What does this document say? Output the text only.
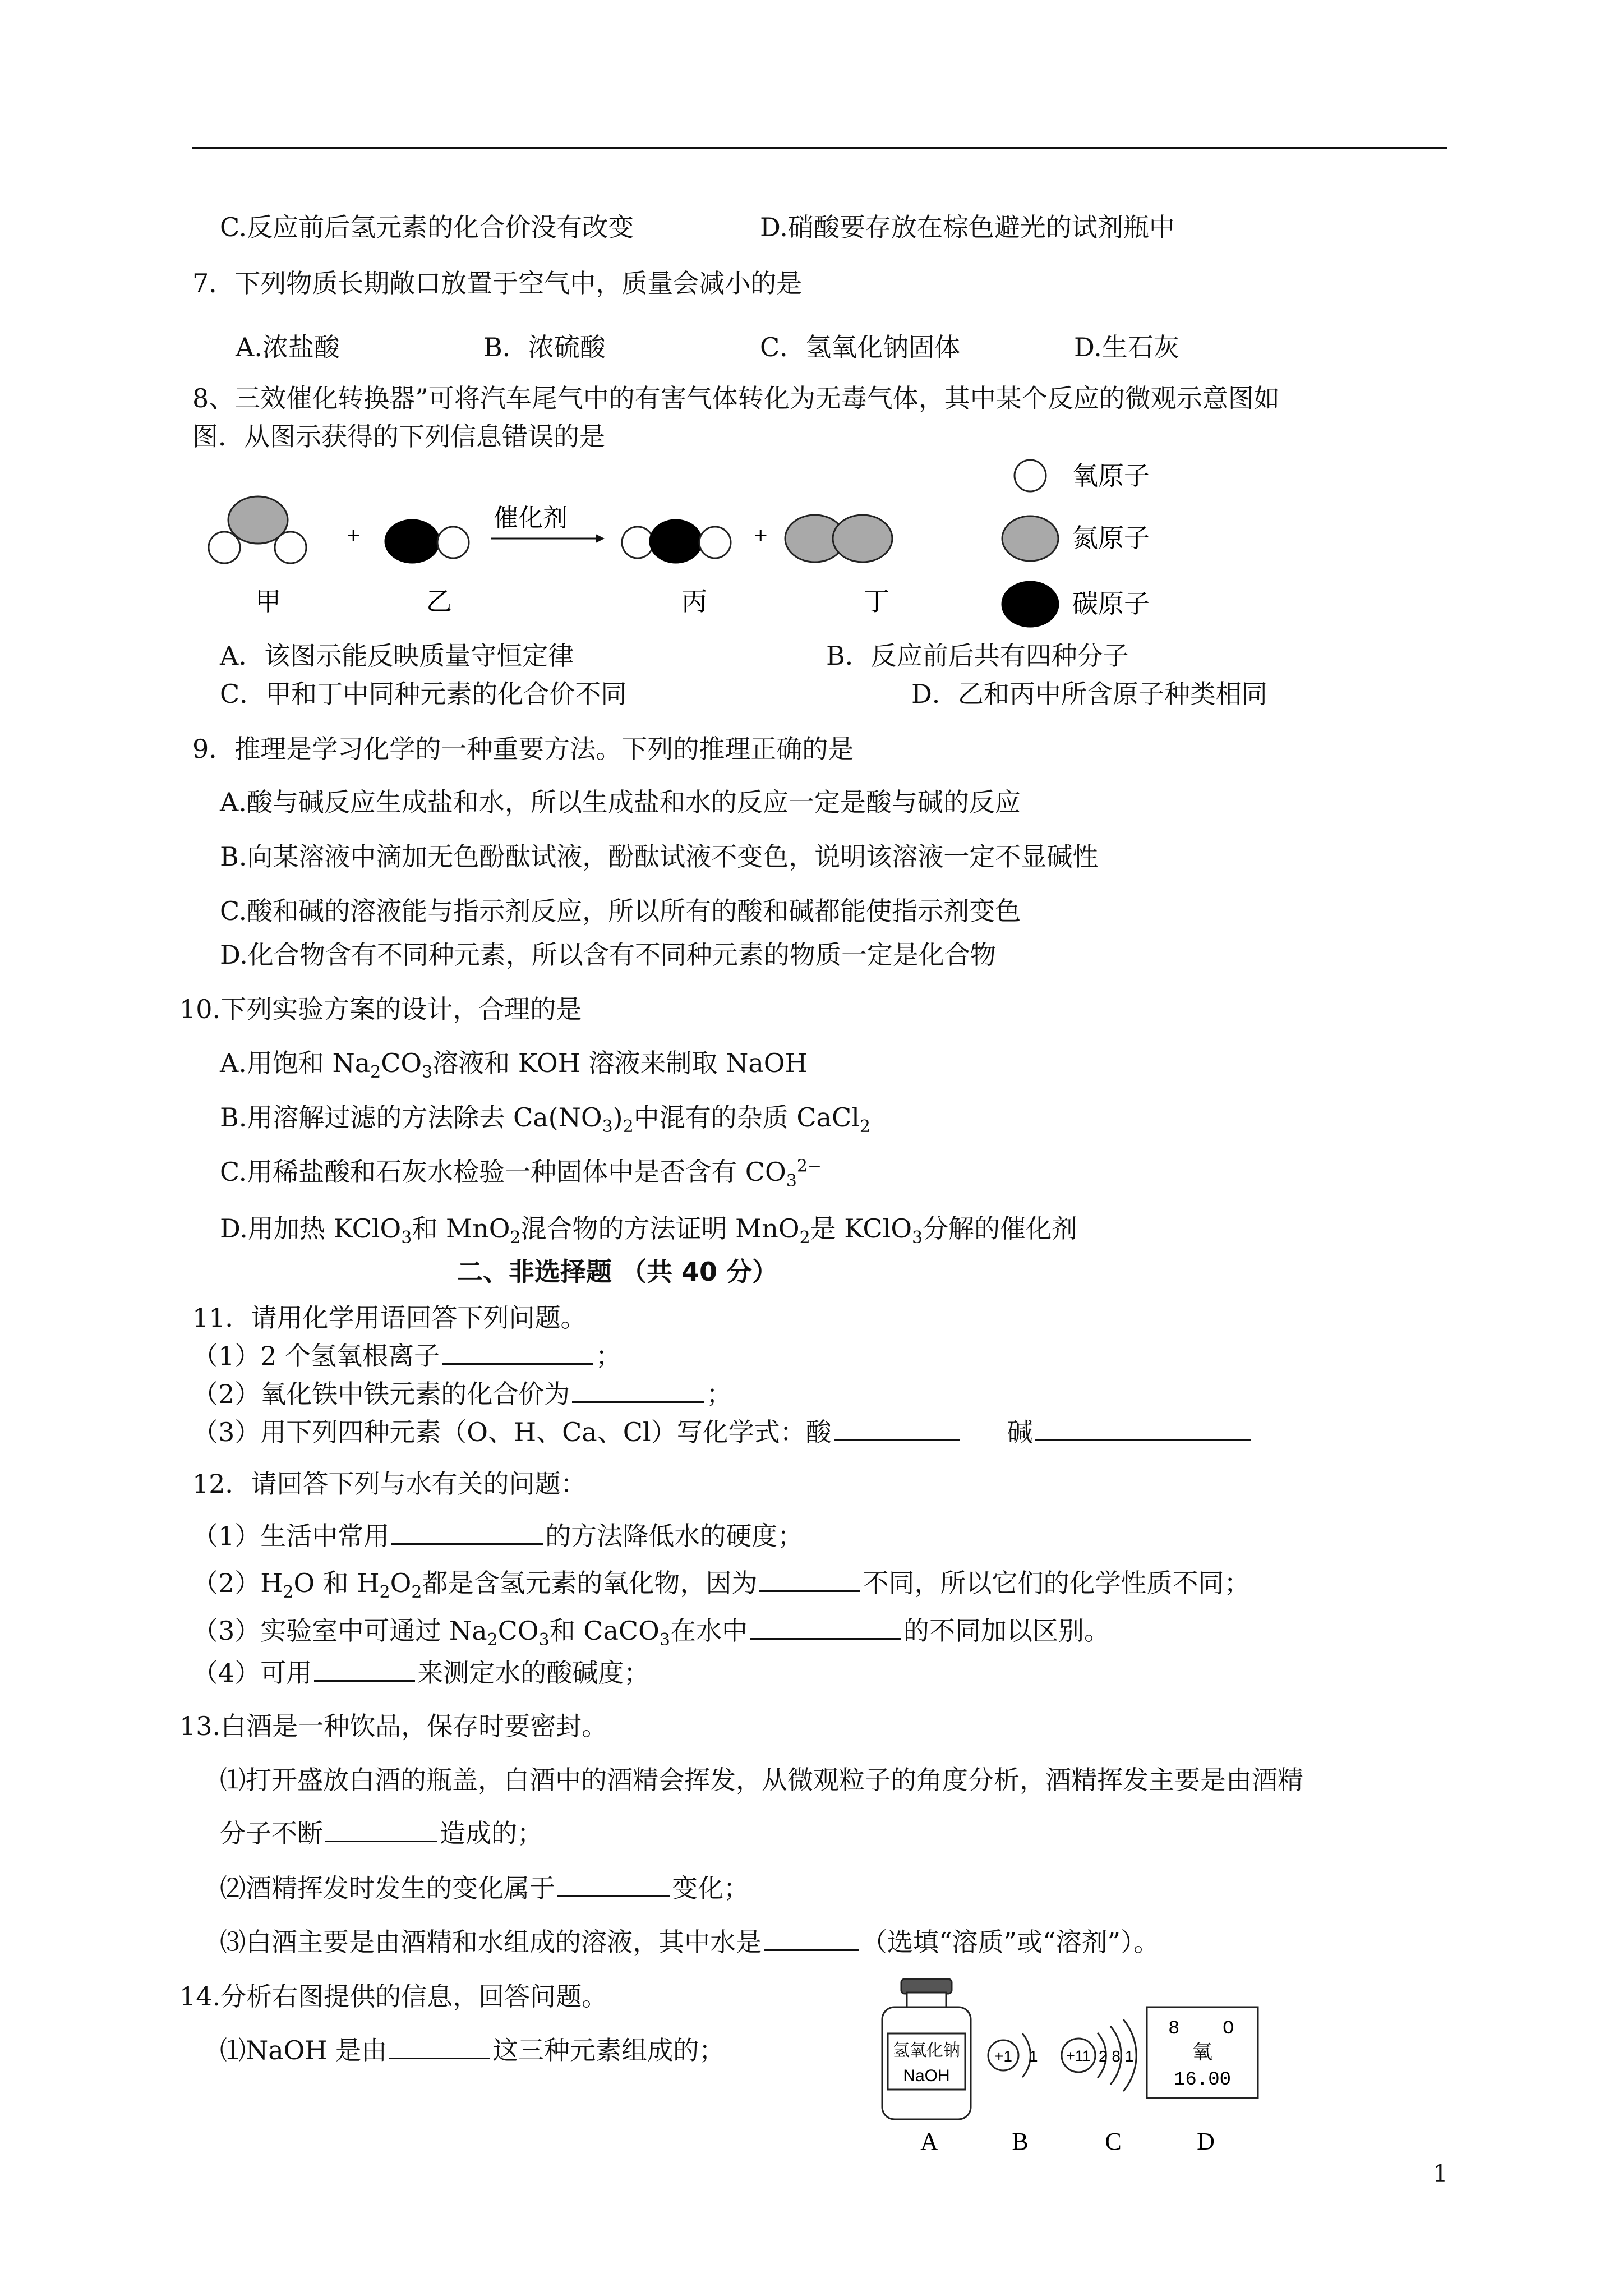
C.反应前后氢元素的化合价没有改变	D.硝酸要存放在棕色避光的试剂瓶中
7．下列物质长期敞口放置于空气中，质量会减小的是
A.浓盐酸	B．浓硫酸	C．氢氧化钠固体	D.生石灰
8、三效催化转换器”可将汽车尾气中的有害气体转化为无毒气体，其中某个反应的微观示意图如
图．从图示获得的下列信息错误的是
+
催化剂
+
甲	乙	丙	丁
氧原子
氮原子
碳原子
A．该图示能反映质量守恒定律	B．反应前后共有四种分子
C．甲和丁中同种元素的化合价不同	D．乙和丙中所含原子种类相同
9．推理是学习化学的一种重要方法。下列的推理正确的是
A.酸与碱反应生成盐和水，所以生成盐和水的反应一定是酸与碱的反应
B.向某溶液中滴加无色酚酞试液，酚酞试液不变色，说明该溶液一定不显碱性
C.酸和碱的溶液能与指示剂反应，所以所有的酸和碱都能使指示剂变色
D.化合物含有不同种元素，所以含有不同种元素的物质一定是化合物
10.下列实验方案的设计，合理的是
A.用饱和 $Na_2CO_3$溶液和 KOH 溶液来制取 NaOH
B.用溶解过滤的方法除去 $Ca(NO_3)_2$中混有的杂质 CaCl$_2$
C.用稀盐酸和石灰水检验一种固体中是否含有 $CO_3^{2-}$
D.用加热 KClO$_3$和 MnO$_2$混合物的方法证明 MnO$_2$是 KClO$_3$分解的催化剂
二、非选择题 （共 40 分）
11．请用化学用语回答下列问题。
（1）2 个氢氧根离子	；
（2）氧化铁中铁元素的化合价为	；
（3）用下列四种元素（O、H、Ca、Cl）写化学式：酸	碱
12．请回答下列与水有关的问题：
（1）生活中常用	的方法降低水的硬度；
$(2)H_2O$ 和 $H_2O_2$都是含氢元素的氧化物，因为	不同，所以它们的化学性质不同；
（3）实验室中可通过 $Na_2CO_3$和 CaCO$_3$在水中	的不同加以区别。
（4）可用	来测定水的酸碱度；
13.白酒是一种饮品，保存时要密封。
⑴打开盛放白酒的瓶盖，白酒中的酒精会挥发，从微观粒子的角度分析，酒精挥发主要是由酒精
分子不断	造成的；
⑵酒精挥发时发生的变化属于	变化；
⑶白酒主要是由酒精和水组成的溶液，其中水是	（选填“溶质”或“溶剂”）。
14.分析右图提供的信息，回答问题。
⑴NaOH 是由	这三种元素组成的；	氢氧化钠
NaOH
+1 1 +11 2 8 1
8 O
氧
16.00
A	B	C	D
1
